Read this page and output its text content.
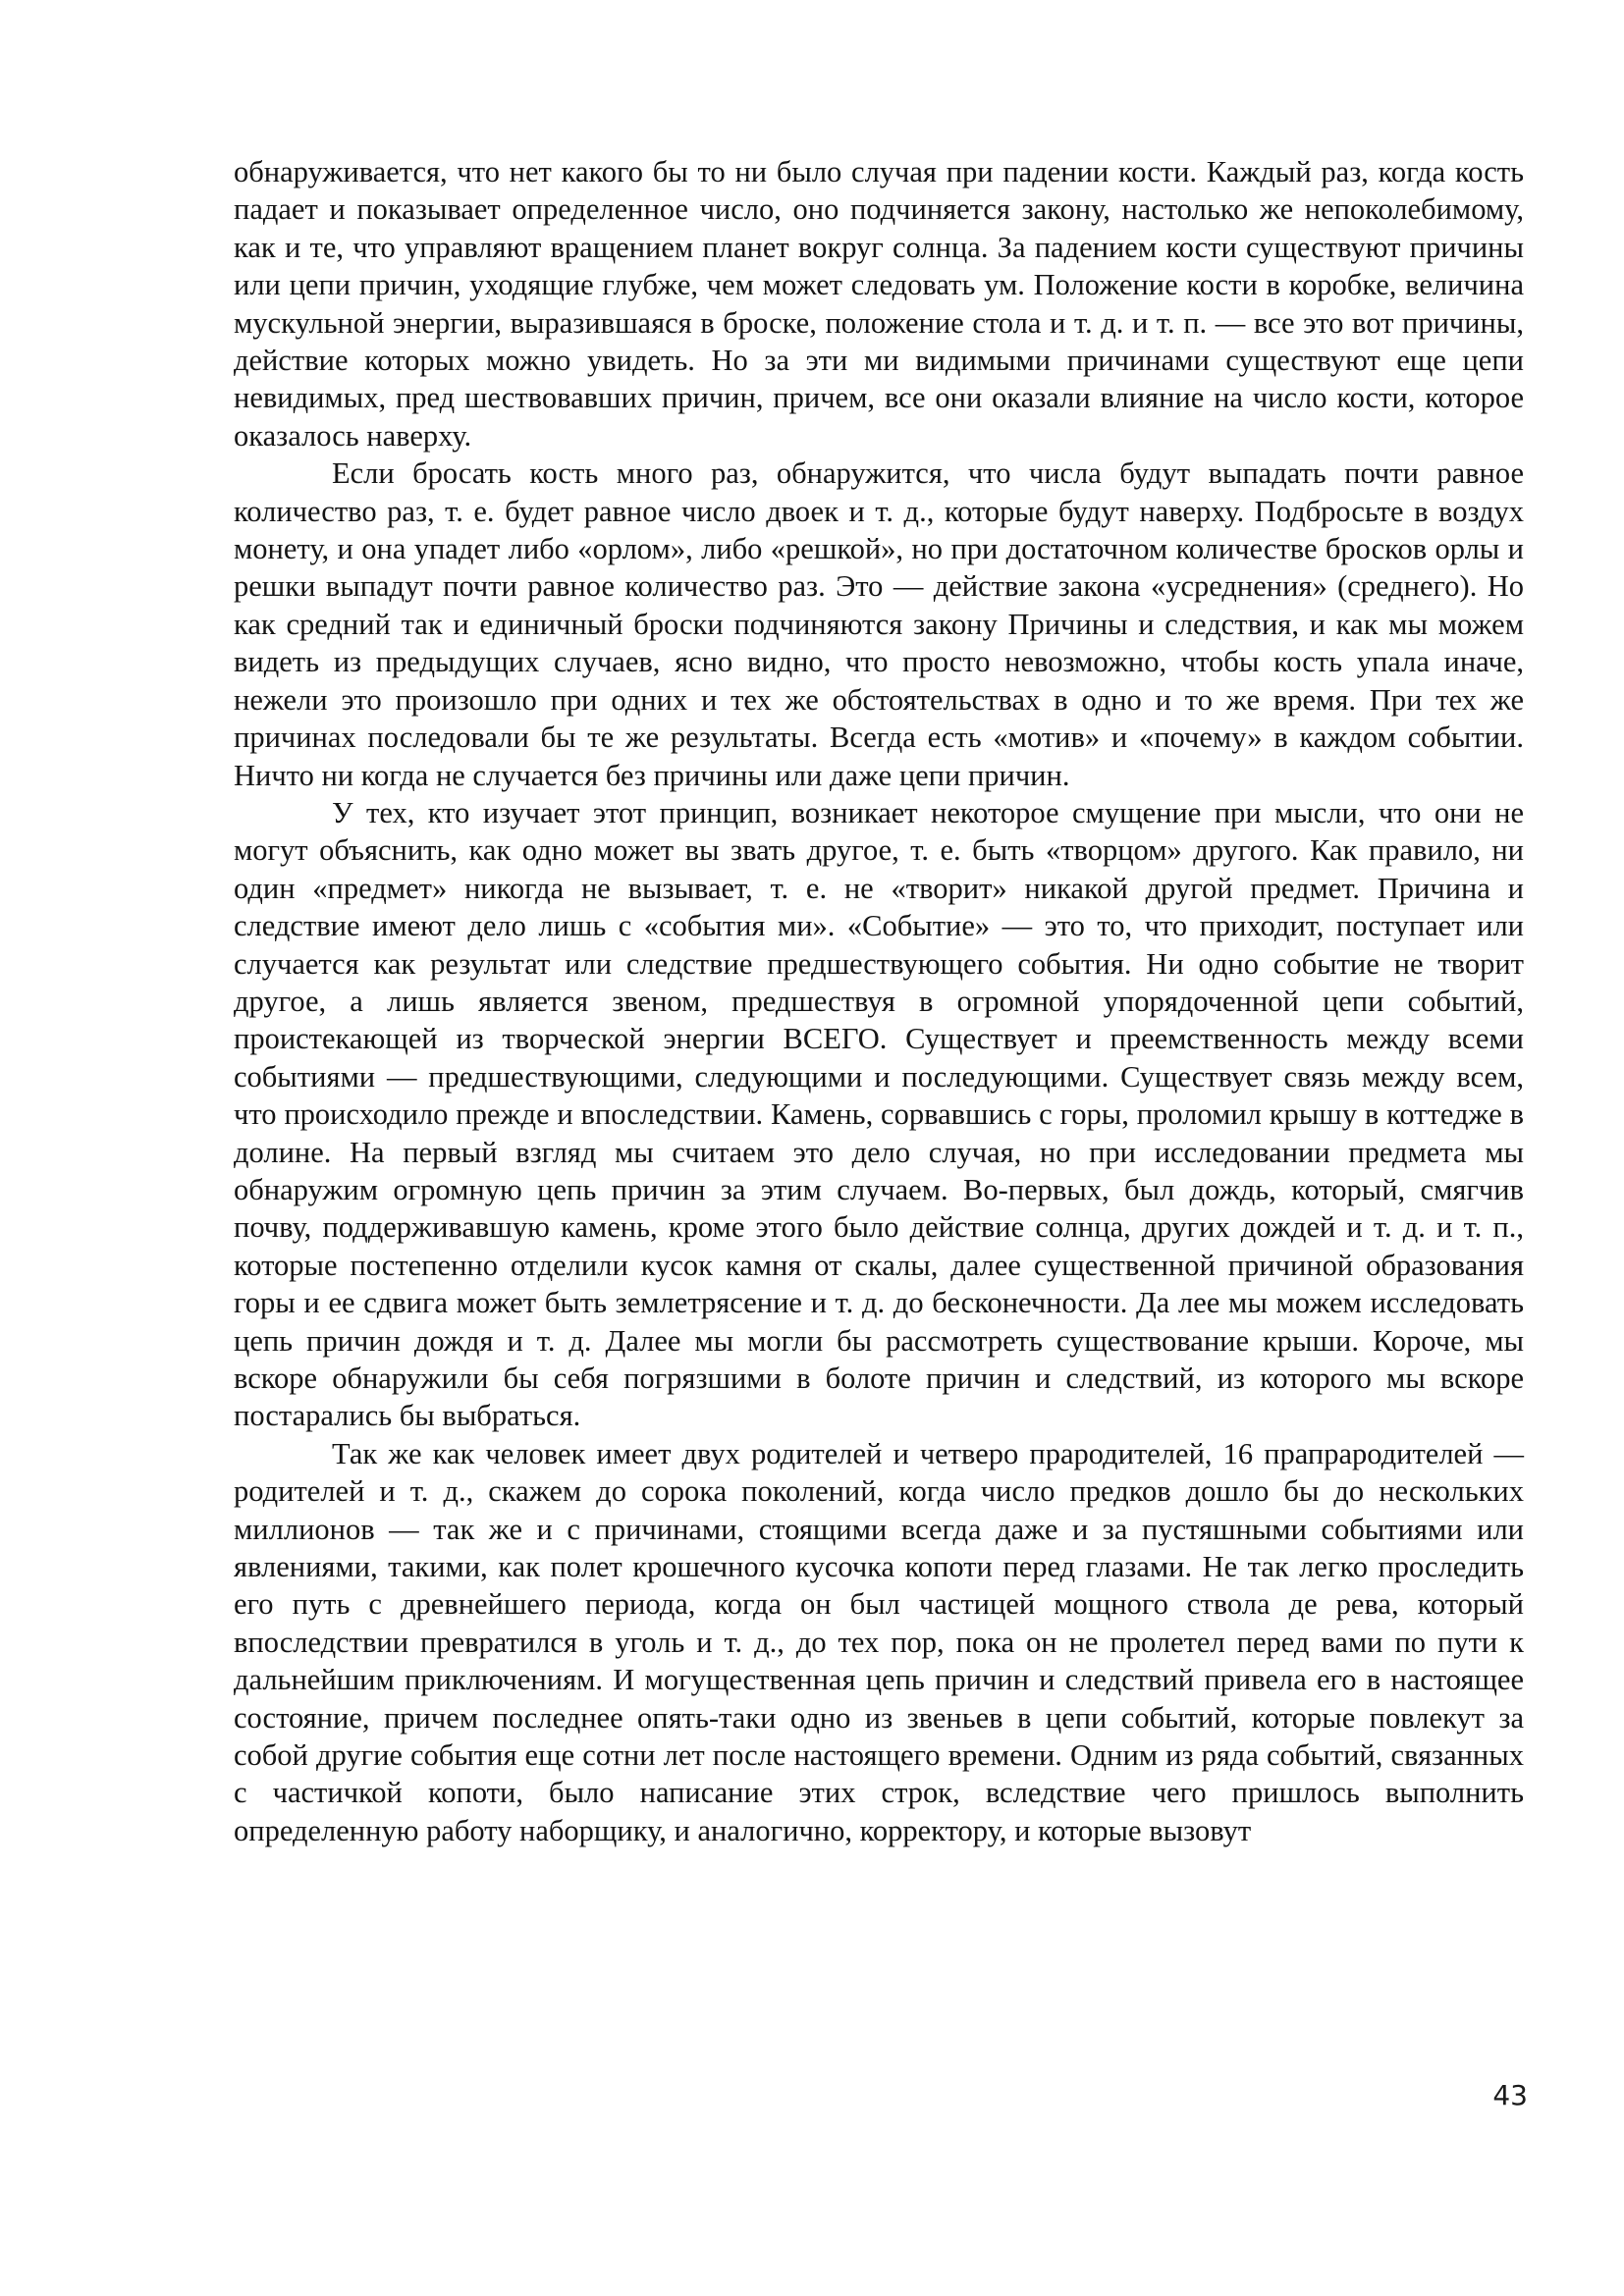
обнаруживается, что нет какого бы то ни было случая при падении кости. Каждый раз, когда кость падает и показывает определенное число, оно подчиняется закону, настолько же непоколебимому, как и те, что управляют вращением планет вокруг солнца. За падением кости существуют причины или цепи причин, уходящие глубже, чем может следовать ум. Положение кости в коробке, величина мускульной энергии, выразившаяся в броске, положение стола и т. д. и т. п. — все это вот причины, действие которых можно увидеть. Но за эти ми видимыми причинами существуют еще цепи невидимых, пред шествовавших причин, причем, все они оказали влияние на число кости, которое оказалось наверху.

Если бросать кость много раз, обнаружится, что числа будут выпадать почти равное количество раз, т. е. будет равное число двоек и т. д., которые будут наверху. Подбросьте в воздух монету, и она упадет либо «орлом», либо «решкой», но при достаточном количестве бросков орлы и решки выпадут почти равное количество раз. Это — действие закона «усреднения» (среднего). Но как средний так и единичный броски подчиняются закону Причины и следствия, и как мы можем видеть из предыдущих случаев, ясно видно, что просто невозможно, чтобы кость упала иначе, нежели это произошло при одних и тех же обстоятельствах в одно и то же время. При тех же причинах последовали бы те же результаты. Всегда есть «мотив» и «почему» в каждом событии. Ничто ни когда не случается без причины или даже цепи причин.

У тех, кто изучает этот принцип, возникает некоторое смущение при мысли, что они не могут объяснить, как одно может вы звать другое, т. е. быть «творцом» другого. Как правило, ни один «предмет» никогда не вызывает, т. е. не «творит» никакой другой предмет. Причина и следствие имеют дело лишь с «события ми». «Событие» — это то, что приходит, поступает или случается как результат или следствие предшествующего события. Ни одно событие не творит другое, а лишь является звеном, предшествуя в огромной упорядоченной цепи событий, проистекающей из творческой энергии ВСЕГО. Существует и преемственность между всеми событиями — предшествующими, следующими и последующими. Существует связь между всем, что происходило прежде и впоследствии. Камень, сорвавшись с горы, проломил крышу в коттедже в долине. На первый взгляд мы считаем это дело случая, но при исследовании предмета мы обнаружим огромную цепь причин за этим случаем. Во-первых, был дождь, который, смягчив почву, поддерживавшую камень, кроме этого было действие солнца, других дождей и т. д. и т. п., которые постепенно отделили кусок камня от скалы, далее существенной причиной образования горы и ее сдвига может быть землетрясение и т. д. до бесконечности. Да лее мы можем исследовать цепь причин дождя и т. д. Далее мы могли бы рассмотреть существование крыши. Короче, мы вскоре обнаружили бы себя погрязшими в болоте причин и следствий, из которого мы вскоре постарались бы выбраться.

Так же как человек имеет двух родителей и четверо прародителей, 16 прапрародителей — родителей и т. д., скажем до сорока поколений, когда число предков дошло бы до нескольких миллионов — так же и с причинами, стоящими всегда даже и за пустяшными событиями или явлениями, такими, как полет крошечного кусочка копоти перед глазами. Не так легко проследить его путь с древнейшего периода, когда он был частицей мощного ствола де рева, который впоследствии превратился в уголь и т. д., до тех пор, пока он не пролетел перед вами по пути к дальнейшим приключениям. И могущественная цепь причин и следствий привела его в настоящее состояние, причем последнее опять-таки одно из звеньев в цепи событий, которые повлекут за собой другие события еще сотни лет после настоящего времени. Одним из ряда событий, связанных с частичкой копоти, было написание этих строк, вследствие чего пришлось выполнить определенную работу наборщику, и аналогично, корректору, и которые вызовут

43
